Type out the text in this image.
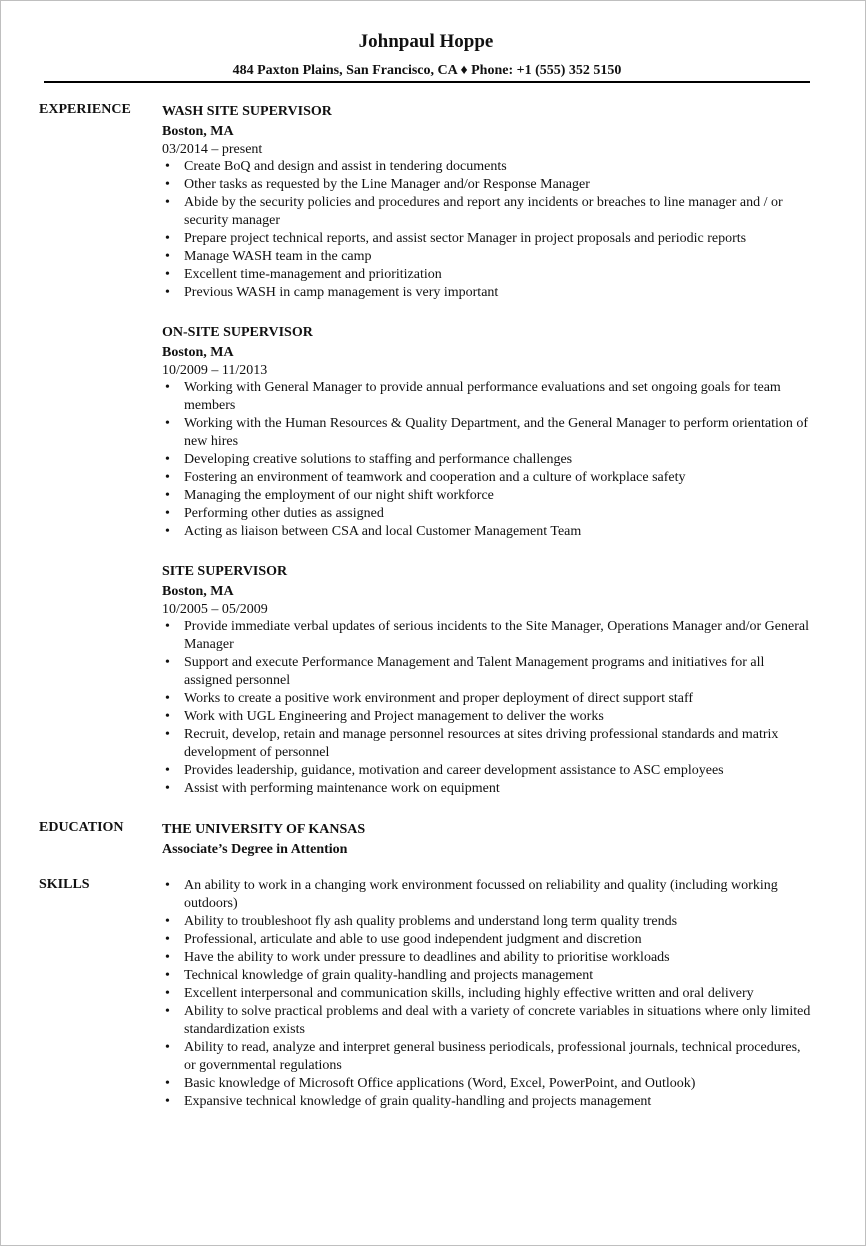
Johnpaul Hoppe
484 Paxton Plains, San Francisco, CA ♦ Phone: +1 (555) 352 5150
EXPERIENCE WASH SITE SUPERVISOR
Boston, MA
03/2014 – present
• Create BoQ and design and assist in tendering documents
• Other tasks as requested by the Line Manager and/or Response Manager
• Abide by the security policies and procedures and report any incidents or breaches to line manager and / or security manager
• Prepare project technical reports, and assist sector Manager in project proposals and periodic reports
• Manage WASH team in the camp
• Excellent time-management and prioritization
• Previous WASH in camp management is very important
ON-SITE SUPERVISOR
Boston, MA
10/2009 – 11/2013
• Working with General Manager to provide annual performance evaluations and set ongoing goals for team members
• Working with the Human Resources & Quality Department, and the General Manager to perform orientation of new hires
• Developing creative solutions to staffing and performance challenges
• Fostering an environment of teamwork and cooperation and a culture of workplace safety
• Managing the employment of our night shift workforce
• Performing other duties as assigned
• Acting as liaison between CSA and local Customer Management Team
SITE SUPERVISOR
Boston, MA
10/2005 – 05/2009
• Provide immediate verbal updates of serious incidents to the Site Manager, Operations Manager and/or General Manager
• Support and execute Performance Management and Talent Management programs and initiatives for all assigned personnel
• Works to create a positive work environment and proper deployment of direct support staff
• Work with UGL Engineering and Project management to deliver the works
• Recruit, develop, retain and manage personnel resources at sites driving professional standards and matrix development of personnel
• Provides leadership, guidance, motivation and career development assistance to ASC employees
• Assist with performing maintenance work on equipment
EDUCATION	THE UNIVERSITY OF KANSAS
Associate’s Degree in Attention
SKILLS
•	An ability to work in a changing work environment focussed on reliability and quality (including working outdoors)
• Ability to troubleshoot fly ash quality problems and understand long term quality trends
• Professional, articulate and able to use good independent judgment and discretion
• Have the ability to work under pressure to deadlines and ability to prioritise workloads
• Technical knowledge of grain quality-handling and projects management
• Excellent interpersonal and communication skills, including highly effective written and oral delivery
• Ability to solve practical problems and deal with a variety of concrete variables in situations where only limited standardization exists
• Ability to read, analyze and interpret general business periodicals, professional journals, technical procedures, or governmental regulations
• Basic knowledge of Microsoft Office applications (Word, Excel, PowerPoint, and Outlook)
• Expansive technical knowledge of grain quality-handling and projects management
